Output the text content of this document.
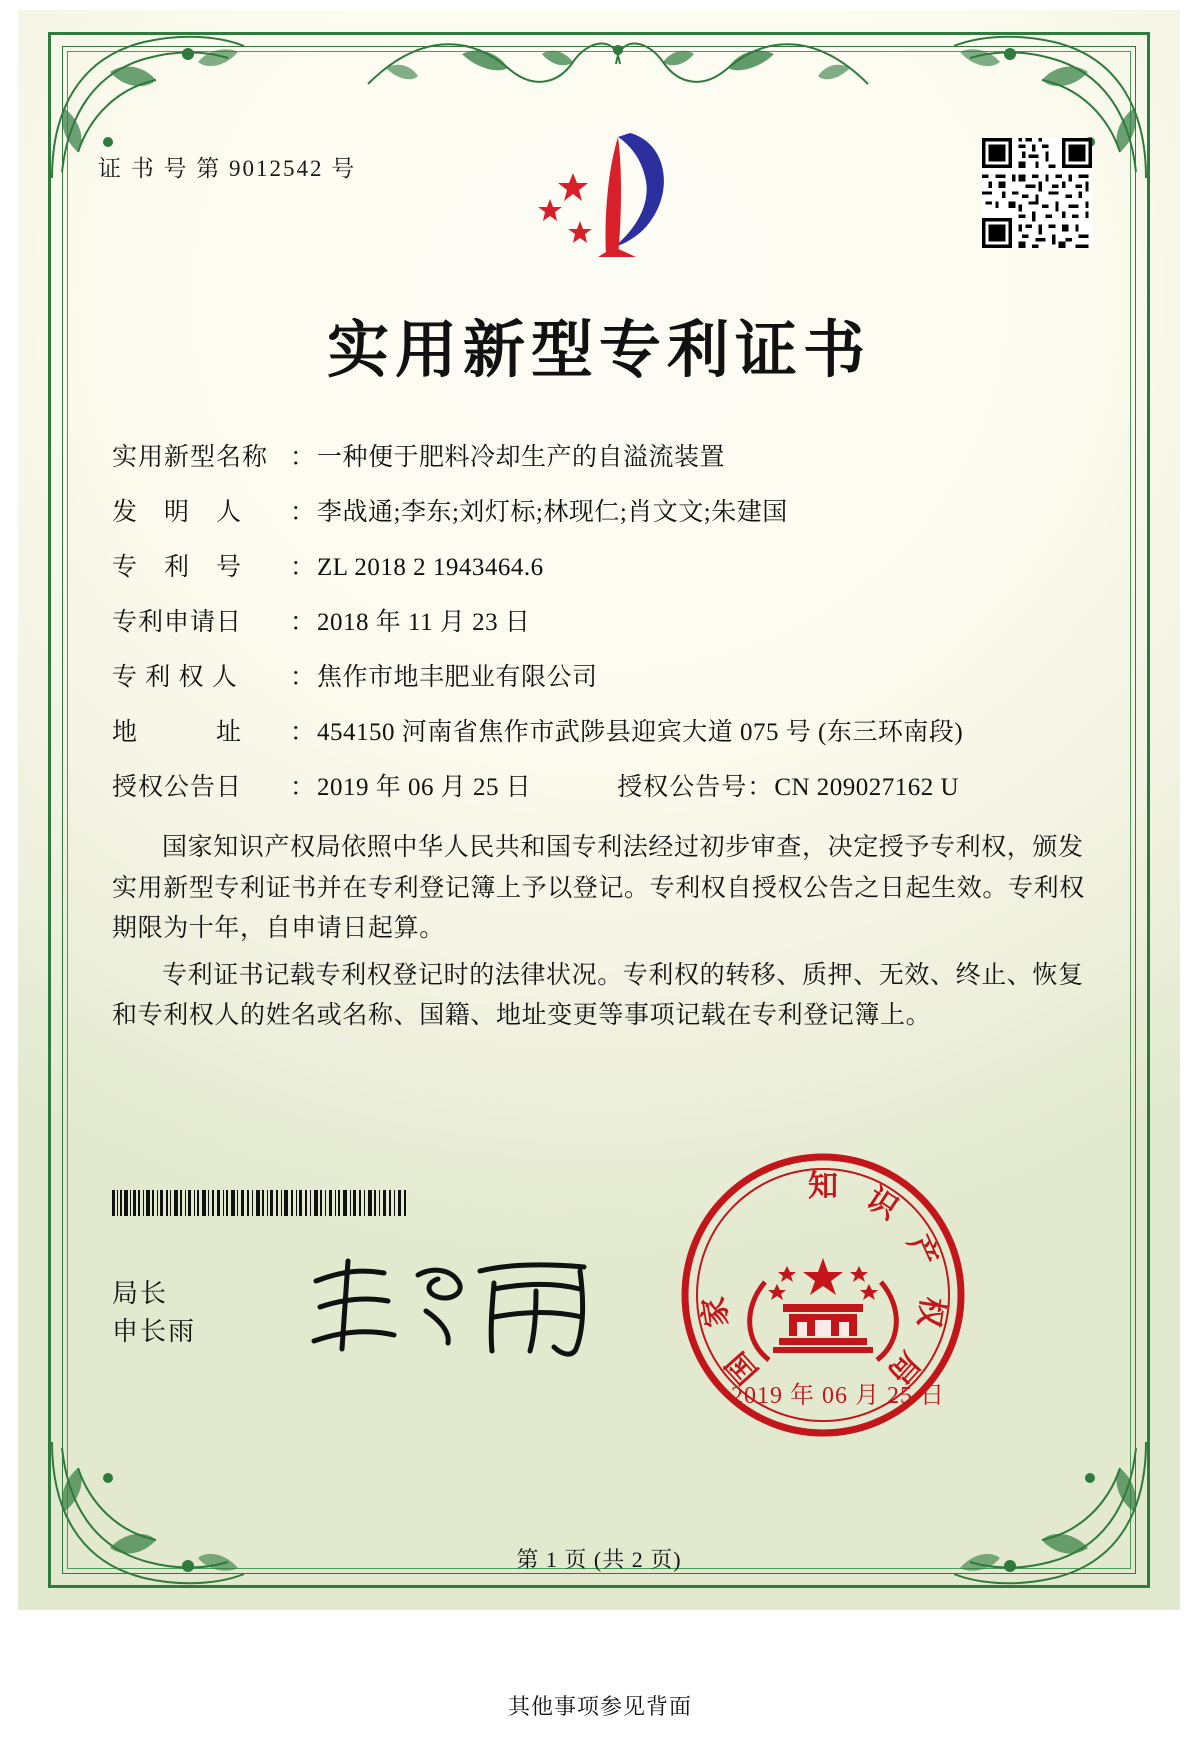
证 书 号 第 9012542 号
实用新型专利证书
实用新型名称 ： 一种便于肥料冷却生产的自溢流装置
发　明　人	： 李战通;李东;刘灯标;林现仁;肖文文;朱建国
专　利　号	： ZL 2018 2 1943464.6
专利申请日	： 2018 年 11 月 23 日
专 利 权 人	： 焦作市地丰肥业有限公司
地　　　址	： 454150 河南省焦作市武陟县迎宾大道 075 号 (东三环南段)
授权公告日 ：2019 年 06 月 25 日	授权公告号：CN 209027162 U
国家知识产权局依照中华人民共和国专利法经过初步审查，决定授予专利权，颁发实用新型专利证书并在专利登记簿上予以登记。专利权自授权公告之日起生效。专利权期限为十年，自申请日起算。
专利证书记载专利权登记时的法律状况。专利权的转移、质押、无效、终止、恢复和专利权人的姓名或名称、国籍、地址变更等事项记载在专利登记簿上。
局长
申长雨
知 识
产
权
局
国
家
2019 年 06 月 25 日
第 1 页 (共 2 页)
其他事项参见背面
